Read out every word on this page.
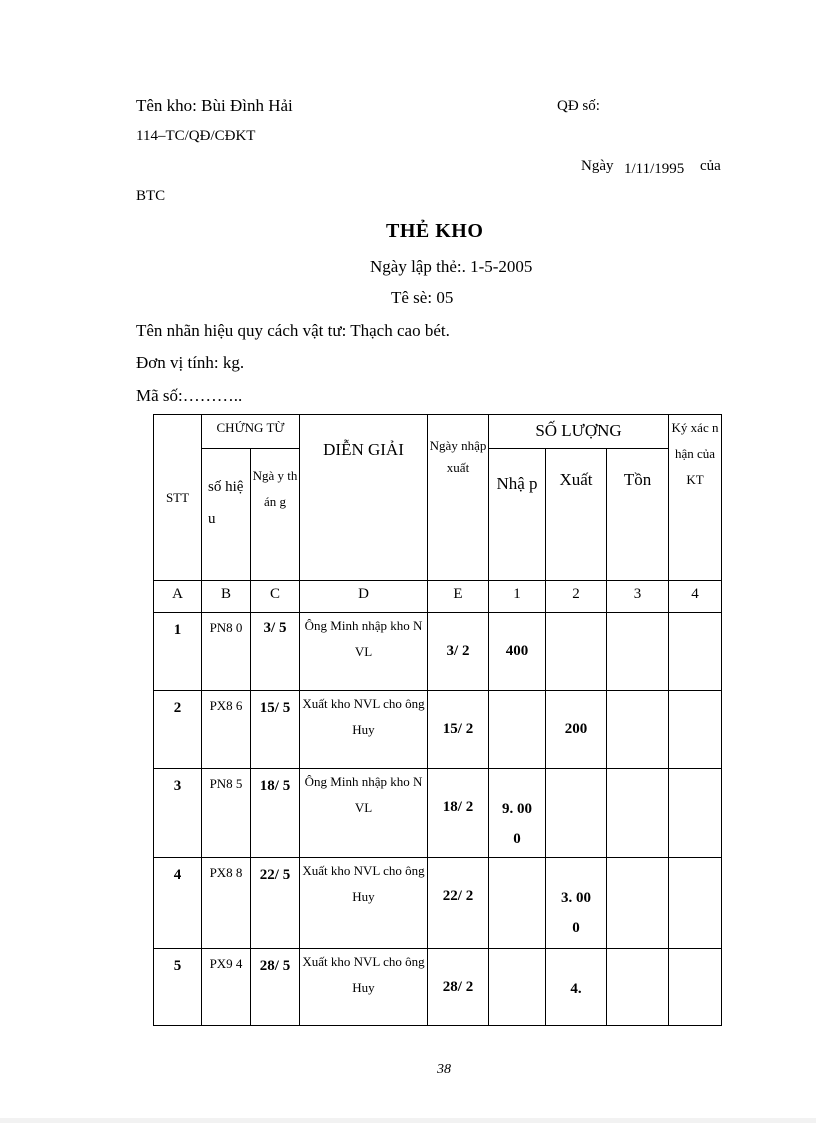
Tên kho: Bùi Đình Hải	QĐ số:
114–TC/QĐ/CĐKT
Ngày 1/11/1995 của
BTC
THẺ KHO
Ngày lập thẻ:. 1-5-2005
Tê sè: 05
Tên nhãn hiệu quy cách vật tư: Thạch cao bét.
Đơn vị tính: kg.
Mã số:………..
STT	CHỨNG TỪ		DIỄN GIẢI	Ngày nhập xuất	SỐ LƯỢNG			Ký xác nhận của KT

	số hiệu	Ngà y thán g			Nhậ p	Xuất	Tồn	
A	B	C	D	E	1	2	3	4
1	PN8 0	3/ 5	Ông Minh nhập kho NVL	3/ 2	400			
2	PX8 6	15/ 5	Xuất kho NVL cho ông Huy	15/ 2		200		
3	PN8 5	18/ 5	Ông Minh nhập kho NVL	18/ 2	9. 000			

4	PX8 8	22/ 5	Xuất kho NVL cho ông Huy	22/ 2		3. 000		

5	PX9 4	28/ 5	Xuất kho NVL cho ông Huy	28/ 2		4.		

38
